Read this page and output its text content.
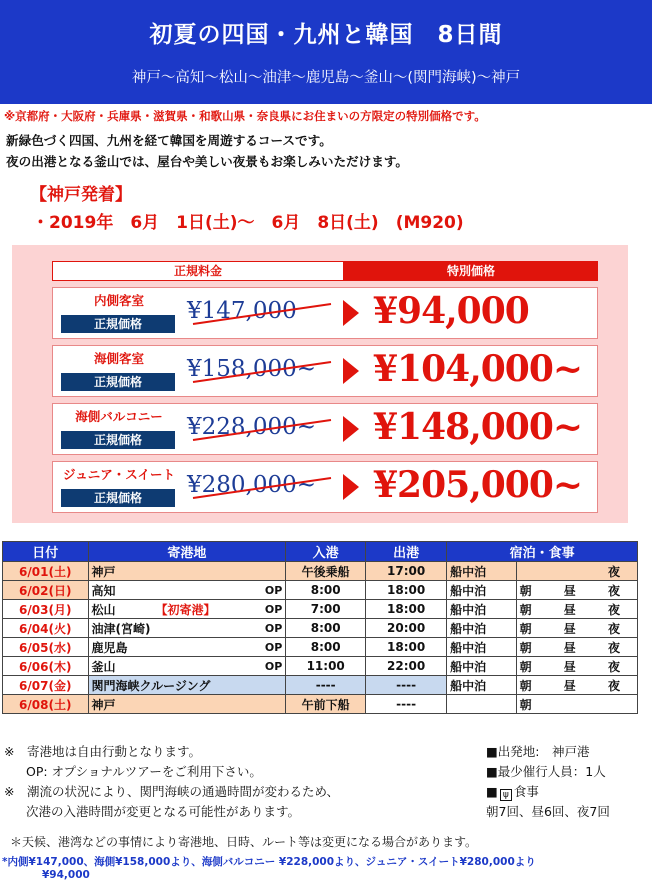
初夏の四国・九州と韓国　8日間
神戸～高知～松山～油津～鹿児島～釜山～(関門海峡)～神戸
※京都府・大阪府・兵庫県・滋賀県・和歌山県・奈良県にお住まいの方限定の特別価格です。
新緑色づく四国、九州を経て韓国を周遊するコースです。
夜の出港となる釜山では、屋台や美しい夜景もお楽しみいただけます。
【神戸発着】
・2019年　6月　1日(土)～　6月　8日(土)　(M920)
正規料金	特別価格
内側客室
正規価格	¥147,000 ¥94,000
海側客室
正規価格	¥158,000~ ¥104,000~
海側バルコニー
正規価格	¥228,000~ ¥148,000~
ジュニア・スイート
正規価格	¥280,000~ ¥205,000~
日付	寄港地	入港	出港	宿泊・食事	
6/01(土)	神戸	午後乗船	17:00	船中泊	夜
6/02(日)	高知 OP	8:00	18:00	船中泊	朝 昼 夜
6/03(月)	松山 【初寄港】 OP	7:00	18:00	船中泊	朝 昼 夜
6/04(火)	油津(宮崎) OP	8:00	20:00	船中泊	朝 昼 夜
6/05(水)	鹿児島 OP	8:00	18:00	船中泊	朝 昼 夜
6/06(木)	釜山 OP	11:00	22:00	船中泊	朝 昼 夜
6/07(金)	関門海峡クルージング	----	----	船中泊	朝 昼 夜
6/08(土)	神戸	午前下船	----		朝
※　寄港地は自由行動となります。
OP: オプショナルツアーをご利用下さい。
※　潮流の状況により、関門海峡の通過時間が変わるため、
次港の入港時間が変更となる可能性があります。
■出発地:　神戸港
■最少催行人員：1人
■ ψ 食事
朝7回、昼6回、夜7回
＊天候、港湾などの事情により寄港地、日時、ルート等は変更になる場合があります。
*内側¥147,000、海側¥158,000より、海側バルコニー ¥228,000より、ジュニア・スイート¥280,000より
¥94,000
